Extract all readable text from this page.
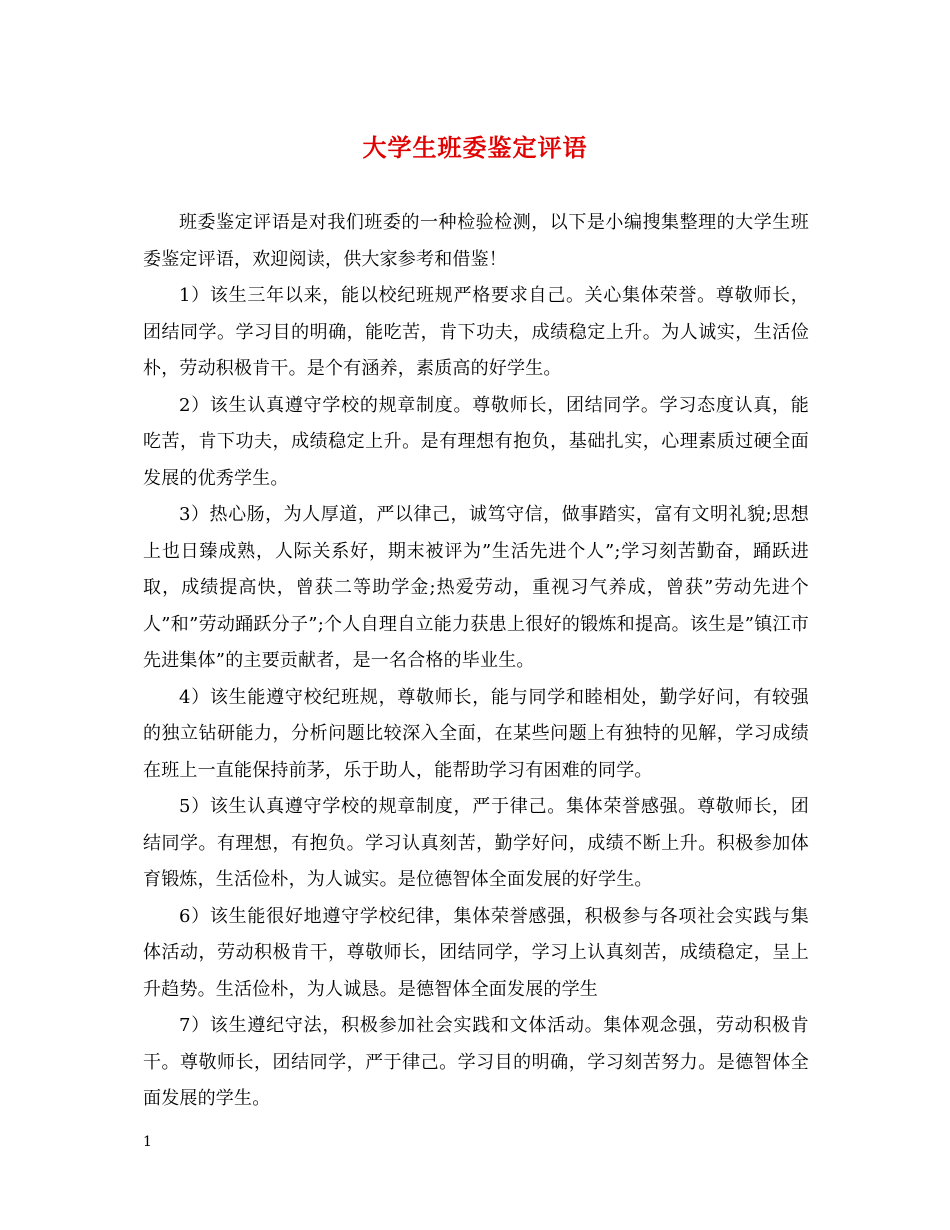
大学生班委鉴定评语

班委鉴定评语是对我们班委的一种检验检测，以下是小编搜集整理的大学生班委鉴定评语，欢迎阅读，供大家参考和借鉴！

1）该生三年以来，能以校纪班规严格要求自己。关心集体荣誉。尊敬师长，团结同学。学习目的明确，能吃苦，肯下功夫，成绩稳定上升。为人诚实，生活俭朴，劳动积极肯干。是个有涵养，素质高的好学生。

2）该生认真遵守学校的规章制度。尊敬师长，团结同学。学习态度认真，能吃苦，肯下功夫，成绩稳定上升。是有理想有抱负，基础扎实，心理素质过硬全面发展的优秀学生。

3）热心肠，为人厚道，严以律己，诚笃守信，做事踏实，富有文明礼貌;思想上也日臻成熟，人际关系好，期末被评为”生活先进个人”;学习刻苦勤奋，踊跃进取，成绩提高快，曾获二等助学金;热爱劳动，重视习气养成，曾获”劳动先进个人”和”劳动踊跃分子”;个人自理自立能力获患上很好的锻炼和提高。该生是”镇江市先进集体”的主要贡献者，是一名合格的毕业生。

4）该生能遵守校纪班规，尊敬师长，能与同学和睦相处，勤学好问，有较强的独立钻研能力，分析问题比较深入全面，在某些问题上有独特的见解，学习成绩在班上一直能保持前茅，乐于助人，能帮助学习有困难的同学。

5）该生认真遵守学校的规章制度，严于律己。集体荣誉感强。尊敬师长，团结同学。有理想，有抱负。学习认真刻苦，勤学好问，成绩不断上升。积极参加体育锻炼，生活俭朴，为人诚实。是位德智体全面发展的好学生。

6）该生能很好地遵守学校纪律，集体荣誉感强，积极参与各项社会实践与集体活动，劳动积极肯干，尊敬师长，团结同学，学习上认真刻苦，成绩稳定，呈上升趋势。生活俭朴，为人诚恳。是德智体全面发展的学生

7）该生遵纪守法，积极参加社会实践和文体活动。集体观念强，劳动积极肯干。尊敬师长，团结同学，严于律己。学习目的明确，学习刻苦努力。是德智体全面发展的学生。

1
